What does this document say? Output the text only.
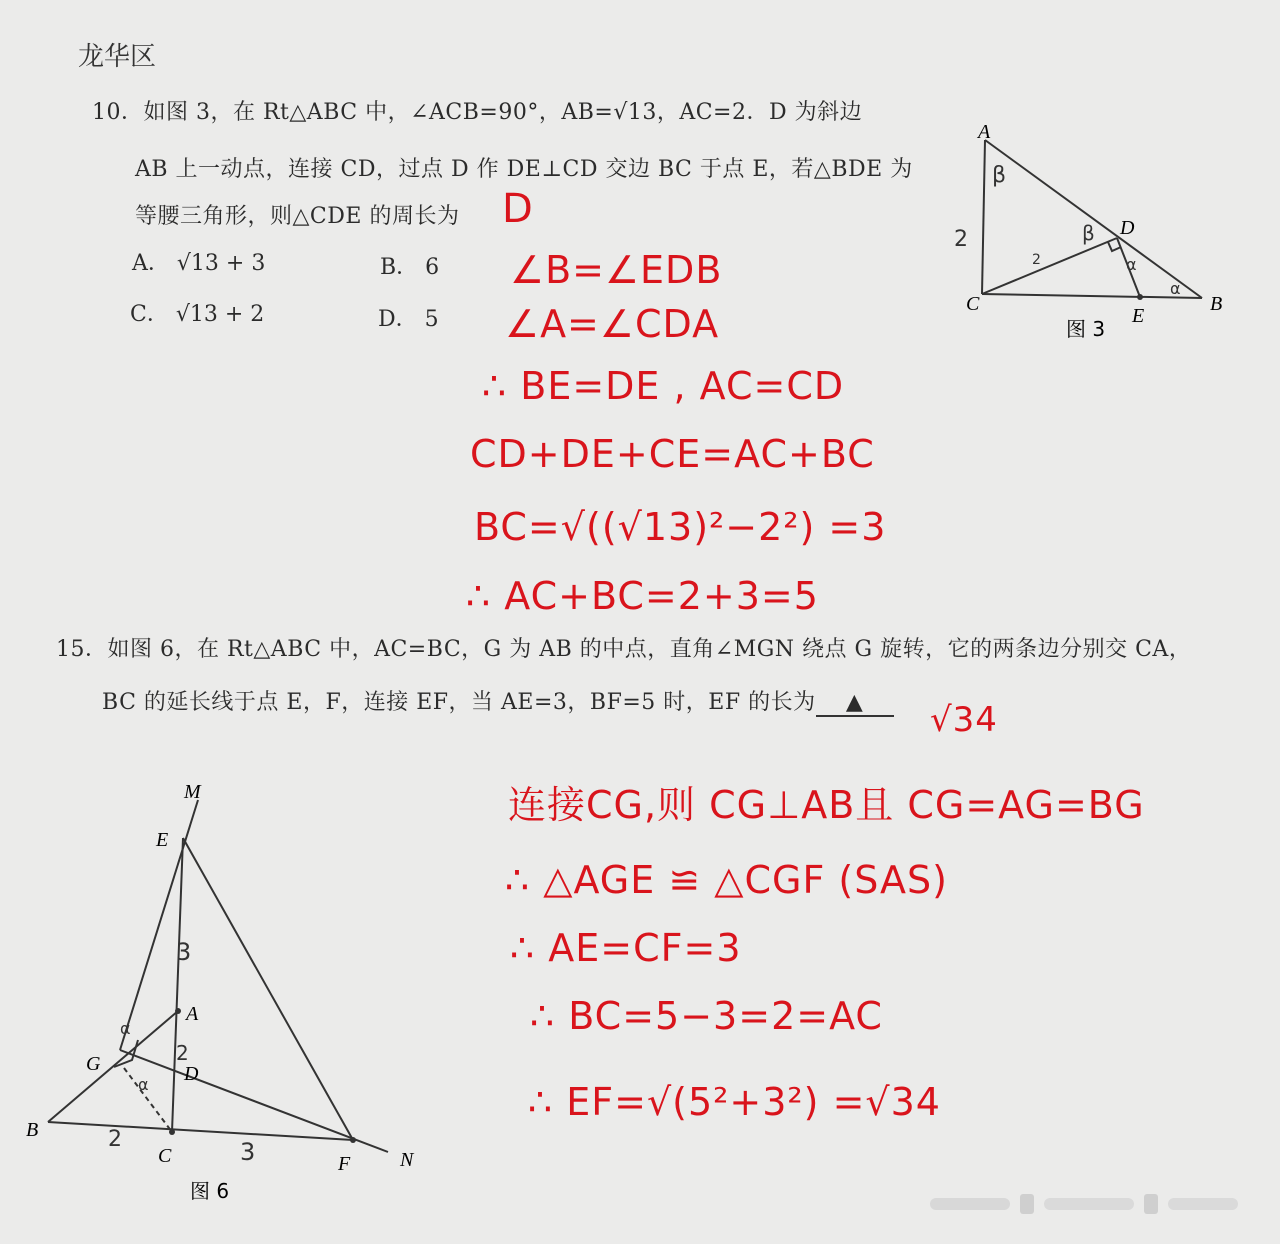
龙华区
10．如图 3，在 Rt△ABC 中，∠ACB=90°，AB=√13，AC=2．D 为斜边
AB 上一动点，连接 CD，过点 D 作 DE⊥CD 交边 BC 于点 E，若△BDE 为
等腰三角形，则△CDE 的周长为 D
A． √13 + 3	B． 6
C． √13 + 2	D． 5
∠B=∠EDB
∠A=∠CDA
∴ BE=DE , AC=CD
CD+DE+CE=AC+BC
BC=√((√13)²−2²) =3
∴ AC+BC=2+3=5
A
C
D
E
B
2
2
β
β
α
α
图 3
15．如图 6，在 Rt△ABC 中，AC=BC，G 为 AB 的中点，直角∠MGN 绕点 G 旋转，它的两条边分别交 CA，
BC 的延长线于点 E，F，连接 EF，当 AE=3，BF=5 时，EF 的长为 ▲	√34
连接CG,则 CG⊥AB且 CG=AG=BG
∴ △AGE ≌ △CGF (SAS)
∴ AE=CF=3
∴ BC=5−3=2=AC
∴ EF=√(5²+3²) =√34
M
E
A
G	D
B
C	F N
3
2
2	3
α
α
图 6
